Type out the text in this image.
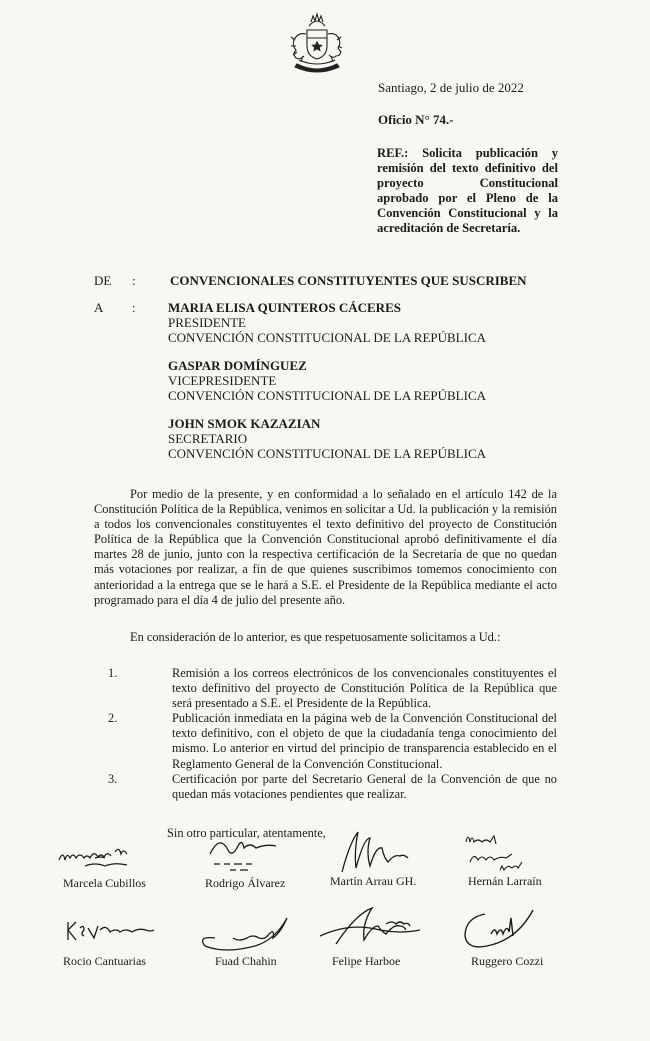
Santiago, 2 de julio de 2022
Oficio N° 74.-
REF.: Solicita publicación y remisión del texto definitivo del proyecto Constitucional aprobado por el Pleno de la Convención Constitucional y la acreditación de Secretaría.
DE :	CONVENCIONALES CONSTITUYENTES QUE SUSCRIBEN
A : MARIA ELISA QUINTEROS CÁCERES
PRESIDENTE
CONVENCIÓN CONSTITUCIONAL DE LA REPÚBLICA
GASPAR DOMÍNGUEZ
VICEPRESIDENTE
CONVENCIÓN CONSTITUCIONAL DE LA REPÚBLICA
JOHN SMOK KAZAZIAN
SECRETARIO
CONVENCIÓN CONSTITUCIONAL DE LA REPÚBLICA
Por medio de la presente, y en conformidad a lo señalado en el artículo 142 de la Constitución Política de la República, venimos en solicitar a Ud. la publicación y la remisión a todos los convencionales constituyentes el texto definitivo del proyecto de Constitución Política de la República que la Convención Constitucional aprobó definitivamente el día martes 28 de junio, junto con la respectiva certificación de la Secretaría de que no quedan más votaciones por realizar, a fin de que quienes suscribimos tomemos conocimiento con anterioridad a la entrega que se le hará a S.E. el Presidente de la República mediante el acto programado para el día 4 de julio del presente año.
En consideración de lo anterior, es que respetuosamente solicitamos a Ud.:
1.	Remisión a los correos electrónicos de los convencionales constituyentes el texto definitivo del proyecto de Constitución Política de la República que será presentado a S.E. el Presidente de la República.
2.	Publicación inmediata en la página web de la Convención Constitucional del texto definitivo, con el objeto de que la ciudadanía tenga conocimiento del mismo. Lo anterior en virtud del principio de transparencia establecido en el Reglamento General de la Convención Constitucional.
3.	Certificación por parte del Secretario General de la Convención de que no quedan más votaciones pendientes que realizar.
Sin otro particular, atentamente,
Marcela Cubillos	Rodrigo Álvarez	Martín Arrau GH.	Hernán Larraín
Rocio Cantuarias	Fuad Chahin	Felipe Harboe	Ruggero Cozzi
